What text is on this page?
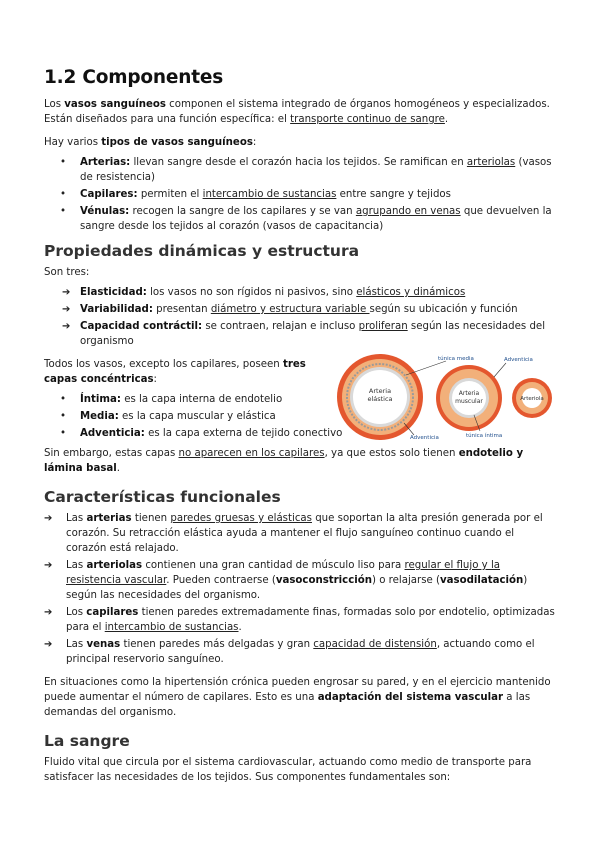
1.2 Componentes

Los vasos sanguíneos componen el sistema integrado de órganos homogéneos y especializados. Están diseñados para una función específica: el transporte continuo de sangre.

Hay varios tipos de vasos sanguíneos:

• Arterias: llevan sangre desde el corazón hacia los tejidos. Se ramifican en arteriolas (vasos de resistencia)
• Capilares: permiten el intercambio de sustancias entre sangre y tejidos
• Vénulas: recogen la sangre de los capilares y se van agrupando en venas que devuelven la sangre desde los tejidos al corazón (vasos de capacitancia)
Propiedades dinámicas y estructura

Son tres:

➔ Elasticidad: los vasos no son rígidos ni pasivos, sino elásticos y dinámicos
➔ Variabilidad: presentan diámetro y estructura variable según su ubicación y función
➔ Capacidad contráctil: se contraen, relajan e incluso proliferan según las necesidades del organismo

Todos los vasos, excepto los capilares, poseen tres capas concéntricas:

• Íntima: es la capa interna de endotelio
• Media: es la capa muscular y elástica
• Adventicia: es la capa externa de tejido conectivo
Arteria
elástica
Arteria
muscular	Arteriola
túnica media	Adventicia
Adventicia	túnica íntima

Sin embargo, estas capas no aparecen en los capilares, ya que estos solo tienen endotelio y lámina basal.

Características funcionales
➔ Las arterias tienen paredes gruesas y elásticas que soportan la alta presión generada por el corazón. Su retracción elástica ayuda a mantener el flujo sanguíneo continuo cuando el corazón está relajado.
➔ Las arteriolas contienen una gran cantidad de músculo liso para regular el flujo y la resistencia vascular. Pueden contraerse (vasoconstricción) o relajarse (vasodilatación) según las necesidades del organismo.
➔ Los capilares tienen paredes extremadamente finas, formadas solo por endotelio, optimizadas para el intercambio de sustancias.
➔ Las venas tienen paredes más delgadas y gran capacidad de distensión, actuando como el principal reservorio sanguíneo.

En situaciones como la hipertensión crónica pueden engrosar su pared, y en el ejercicio mantenido puede aumentar el número de capilares. Esto es una adaptación del sistema vascular a las demandas del organismo.

La sangre

Fluido vital que circula por el sistema cardiovascular, actuando como medio de transporte para satisfacer las necesidades de los tejidos. Sus componentes fundamentales son:
